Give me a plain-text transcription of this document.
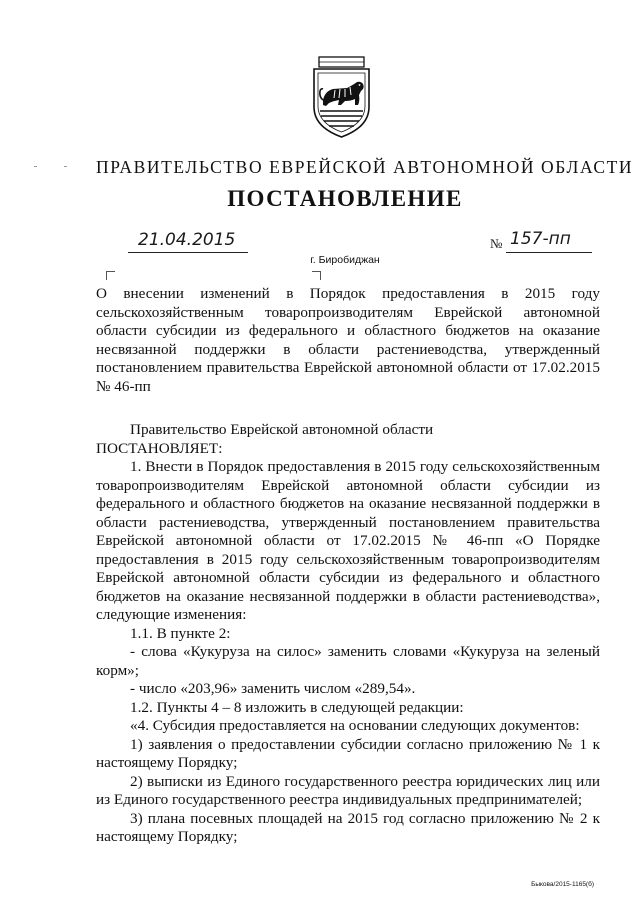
ПРАВИТЕЛЬСТВО ЕВРЕЙСКОЙ АВТОНОМНОЙ ОБЛАСТИ
ПОСТАНОВЛЕНИЕ
21.04.2015	№ 157-пп
г. Биробиджан

О внесении изменений в Порядок предоставления в 2015 году сельскохозяйственным товаропроизводителям Еврейской автономной области субсидии из федерального и областного бюджетов на оказание несвязанной поддержки в области растениеводства, утвержденный постановлением правительства Еврейской автономной области от 17.02.2015 № 46-пп

Правительство Еврейской автономной области

ПОСТАНОВЛЯЕТ:

1. Внести в Порядок предоставления в 2015 году сельскохозяйственным товаропроизводителям Еврейской автономной области субсидии из федерального и областного бюджетов на оказание несвязанной поддержки в области растениеводства, утвержденный постановлением правительства Еврейской автономной области от 17.02.2015 № 46-пп «О Порядке предоставления в 2015 году сельскохозяйственным товаропроизводителям Еврейской автономной области субсидии из федерального и областного бюджетов на оказание несвязанной поддержки в области растениеводства», следующие изменения:

1.1. В пункте 2:

- слова «Кукуруза на силос» заменить словами «Кукуруза на зеленый корм»;

- число «203,96» заменить числом «289,54».

1.2. Пункты 4 – 8 изложить в следующей редакции:

«4. Субсидия предоставляется на основании следующих документов:

1) заявления о предоставлении субсидии согласно приложению № 1 к настоящему Порядку;

2) выписки из Единого государственного реестра юридических лиц или из Единого государственного реестра индивидуальных предпринимателей;

3) плана посевных площадей на 2015 год согласно приложению № 2 к настоящему Порядку;

Быкова/2015-1165(б)
